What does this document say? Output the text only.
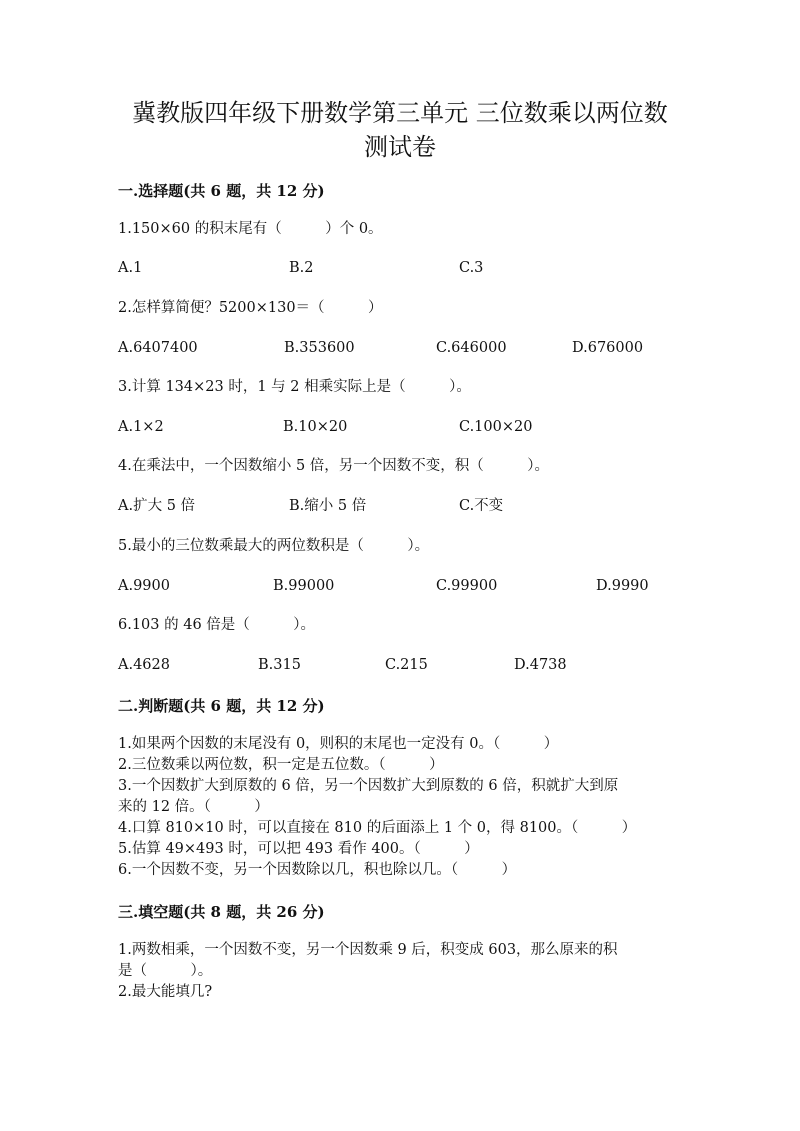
冀教版四年级下册数学第三单元 三位数乘以两位数
测试卷
一.选择题(共 6 题，共 12 分)
1.150×60 的积末尾有（　　　）个 0。
A.1	B.2	C.3
2.怎样算简便？5200×130＝（　　　）
A.6407400	B.353600	C.646000	D.676000
3.计算 134×23 时，1 与 2 相乘实际上是（　　　）。
A.1×2	B.10×20	C.100×20
4.在乘法中，一个因数缩小 5 倍，另一个因数不变，积（　　　）。
A.扩大 5 倍	B.缩小 5 倍	C.不变
5.最小的三位数乘最大的两位数积是（　　　）。
A.9900	B.99000	C.99900	D.9990
6.103 的 46 倍是（　　　）。
A.4628	B.315	C.215	D.4738
二.判断题(共 6 题，共 12 分)
1.如果两个因数的末尾没有 0，则积的末尾也一定没有 0。（　　　）
2.三位数乘以两位数，积一定是五位数。（　　　）
3.一个因数扩大到原数的 6 倍，另一个因数扩大到原数的 6 倍，积就扩大到原
来的 12 倍。（　　　）
4.口算 810×10 时，可以直接在 810 的后面添上 1 个 0，得 8100。（　　　）
5.估算 49×493 时，可以把 493 看作 400。（　　　）
6.一个因数不变，另一个因数除以几，积也除以几。（　　　）
三.填空题(共 8 题，共 26 分)
1.两数相乘，一个因数不变，另一个因数乘 9 后，积变成 603，那么原来的积
是（　　　）。
2.最大能填几?
